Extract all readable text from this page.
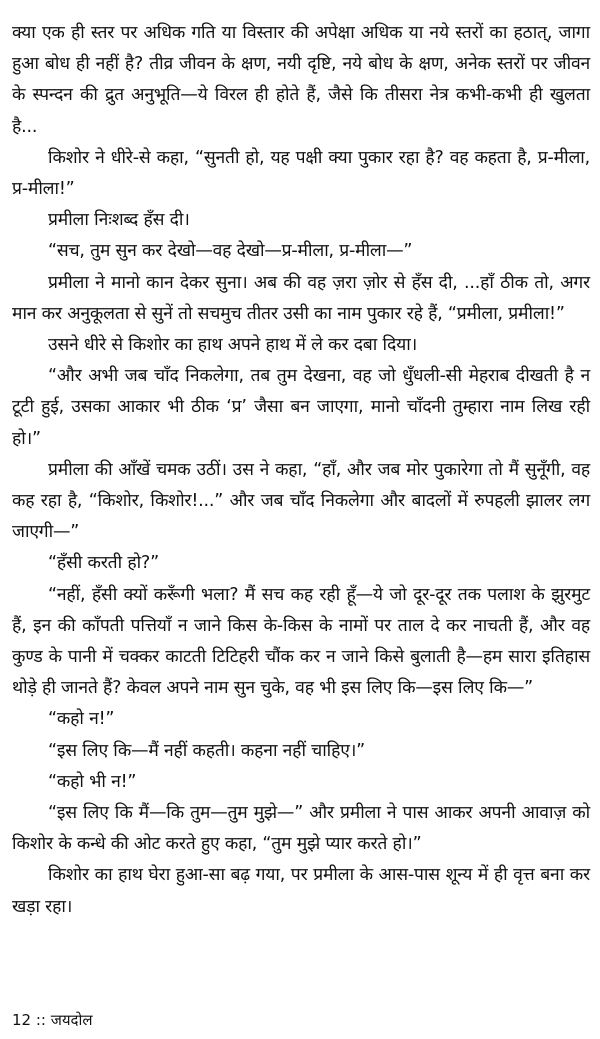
क्या एक ही स्तर पर अधिक गति या विस्तार की अपेक्षा अधिक या नये स्तरों का हठात्, जागा हुआ बोध ही नहीं है? तीव्र जीवन के क्षण, नयी दृष्टि, नये बोध के क्षण, अनेक स्तरों पर जीवन के स्पन्दन की द्रुत अनुभूति—ये विरल ही होते हैं, जैसे कि तीसरा नेत्र कभी-कभी ही खुलता है...

किशोर ने धीरे-से कहा, “सुनती हो, यह पक्षी क्या पुकार रहा है? वह कहता है, प्र-मीला, प्र-मीला!”

प्रमीला निःशब्द हँस दी।

“सच, तुम सुन कर देखो—वह देखो—प्र-मीला, प्र-मीला—”

प्रमीला ने मानो कान देकर सुना। अब की वह ज़रा ज़ोर से हँस दी, ...हाँ ठीक तो, अगर मान कर अनुकूलता से सुनें तो सचमुच तीतर उसी का नाम पुकार रहे हैं, “प्रमीला, प्रमीला!”

उसने धीरे से किशोर का हाथ अपने हाथ में ले कर दबा दिया।

“और अभी जब चाँद निकलेगा, तब तुम देखना, वह जो धुँधली-सी मेहराब दीखती है न टूटी हुई, उसका आकार भी ठीक ‘प्र’ जैसा बन जाएगा, मानो चाँदनी तुम्हारा नाम लिख रही हो।”

प्रमीला की आँखें चमक उठीं। उस ने कहा, “हाँ, और जब मोर पुकारेगा तो मैं सुनूँगी, वह कह रहा है, “किशोर, किशोर!...” और जब चाँद निकलेगा और बादलों में रुपहली झालर लग जाएगी—”

“हँसी करती हो?”

“नहीं, हँसी क्यों करूँगी भला? मैं सच कह रही हूँ—ये जो दूर-दूर तक पलाश के झुरमुट हैं, इन की काँपती पत्तियाँ न जाने किस के-किस के नामों पर ताल दे कर नाचती हैं, और वह कुण्ड के पानी में चक्कर काटती टिटिहरी चौंक कर न जाने किसे बुलाती है—हम सारा इतिहास थोड़े ही जानते हैं? केवल अपने नाम सुन चुके, वह भी इस लिए कि—इस लिए कि—”

“कहो न!”

“इस लिए कि—मैं नहीं कहती। कहना नहीं चाहिए।”

“कहो भी न!”

“इस लिए कि मैं—कि तुम—तुम मुझे—” और प्रमीला ने पास आकर अपनी आवाज़ को किशोर के कन्धे की ओट करते हुए कहा, “तुम मुझे प्यार करते हो।”

किशोर का हाथ घेरा हुआ-सा बढ़ गया, पर प्रमीला के आस-पास शून्य में ही वृत्त बना कर खड़ा रहा।

12 :: जयदोल
